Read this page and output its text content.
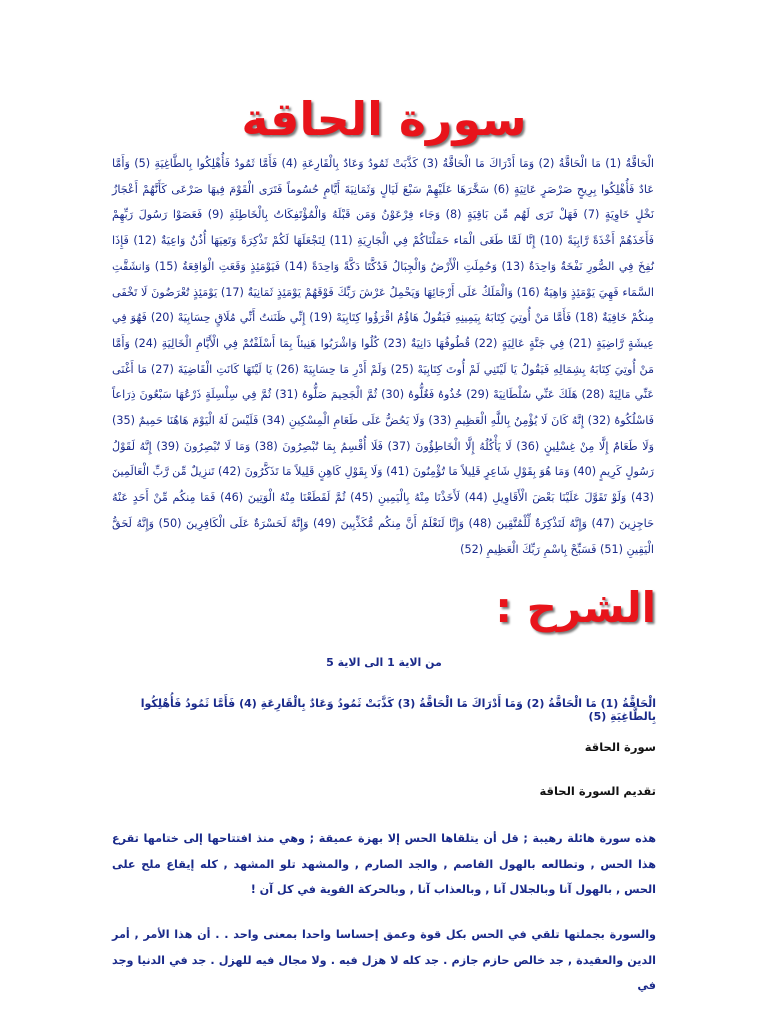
سورة الحاقة

الْحَاقَّةُ (1) مَا الْحَاقَّةُ (2) وَمَا أَدْرَاكَ مَا الْحَاقَّةُ (3) كَذَّبَتْ ثَمُودُ وَعَادٌ بِالْقَارِعَةِ (4) فَأَمَّا ثَمُودُ فَأُهْلِكُوا بِالطَّاغِيَةِ (5) وَأَمَّا عَادٌ فَأُهْلِكُوا بِرِيحٍ صَرْصَرٍ عَاتِيَةٍ (6) سَخَّرَهَا عَلَيْهِمْ سَبْعَ لَيَالٍ وَثَمَانِيَةَ أَيَّامٍ حُسُوماً فَتَرَى الْقَوْمَ فِيهَا صَرْعَى كَأَنَّهُمْ أَعْجَازُ نَخْلٍ خَاوِيَةٍ (7) فَهَلْ تَرَى لَهُم مِّن بَاقِيَةٍ (8) وَجَاء فِرْعَوْنُ وَمَن قَبْلَهُ وَالْمُؤْتَفِكَاتُ بِالْخَاطِئَةِ (9) فَعَصَوْا رَسُولَ رَبِّهِمْ فَأَخَذَهُمْ أَخْذَةً رَّابِيَةً (10) إِنَّا لَمَّا طَغَى الْمَاء حَمَلْنَاكُمْ فِي الْجَارِيَةِ (11) لِنَجْعَلَهَا لَكُمْ تَذْكِرَةً وَتَعِيَهَا أُذُنٌ وَاعِيَةٌ (12) فَإِذَا نُفِخَ فِي الصُّورِ نَفْخَةٌ وَاحِدَةٌ (13) وَحُمِلَتِ الْأَرْضُ وَالْجِبَالُ فَدُكَّتَا دَكَّةً وَاحِدَةً (14) فَيَوْمَئِذٍ وَقَعَتِ الْوَاقِعَةُ (15) وَانشَقَّتِ السَّمَاء فَهِيَ يَوْمَئِذٍ وَاهِيَةٌ (16) وَالْمَلَكُ عَلَى أَرْجَائِهَا وَيَحْمِلُ عَرْشَ رَبِّكَ فَوْقَهُمْ يَوْمَئِذٍ ثَمَانِيَةٌ (17) يَوْمَئِذٍ تُعْرَضُونَ لَا تَخْفَى مِنكُمْ خَافِيَةٌ (18) فَأَمَّا مَنْ أُوتِيَ كِتَابَهُ بِيَمِينِهِ فَيَقُولُ هَاؤُمُ اقْرَؤُوا كِتَابِيَهْ (19) إِنِّي ظَنَنتُ أَنِّي مُلَاقٍ حِسَابِيَهْ (20) فَهُوَ فِي عِيشَةٍ رَّاضِيَةٍ (21) فِي جَنَّةٍ عَالِيَةٍ (22) قُطُوفُهَا دَانِيَةٌ (23) كُلُوا وَاشْرَبُوا هَنِيئاً بِمَا أَسْلَفْتُمْ فِي الْأَيَّامِ الْخَالِيَةِ (24) وَأَمَّا مَنْ أُوتِيَ كِتَابَهُ بِشِمَالِهِ فَيَقُولُ يَا لَيْتَنِي لَمْ أُوتَ كِتَابِيَهْ (25) وَلَمْ أَدْرِ مَا حِسَابِيَهْ (26) يَا لَيْتَهَا كَانَتِ الْقَاضِيَةَ (27) مَا أَغْنَى عَنِّي مَالِيَهْ (28) هَلَكَ عَنِّي سُلْطَانِيَهْ (29) خُذُوهُ فَغُلُّوهُ (30) ثُمَّ الْجَحِيمَ صَلُّوهُ (31) ثُمَّ فِي سِلْسِلَةٍ ذَرْعُهَا سَبْعُونَ ذِرَاعاً فَاسْلُكُوهُ (32) إِنَّهُ كَانَ لَا يُؤْمِنُ بِاللَّهِ الْعَظِيمِ (33) وَلَا يَحُضُّ عَلَى طَعَامِ الْمِسْكِينِ (34) فَلَيْسَ لَهُ الْيَوْمَ هَاهُنَا حَمِيمٌ (35) وَلَا طَعَامٌ إِلَّا مِنْ غِسْلِينٍ (36) لَا يَأْكُلُهُ إِلَّا الْخَاطِؤُونَ (37) فَلَا أُقْسِمُ بِمَا تُبْصِرُونَ (38) وَمَا لَا تُبْصِرُونَ (39) إِنَّهُ لَقَوْلُ رَسُولٍ كَرِيمٍ (40) وَمَا هُوَ بِقَوْلِ شَاعِرٍ قَلِيلاً مَا تُؤْمِنُونَ (41) وَلَا بِقَوْلِ كَاهِنٍ قَلِيلاً مَا تَذَكَّرُونَ (42) تَنزِيلٌ مِّن رَّبِّ الْعَالَمِينَ (43) وَلَوْ تَقَوَّلَ عَلَيْنَا بَعْضَ الْأَقَاوِيلِ (44) لَأَخَذْنَا مِنْهُ بِالْيَمِينِ (45) ثُمَّ لَقَطَعْنَا مِنْهُ الْوَتِينَ (46) فَمَا مِنكُم مِّنْ أَحَدٍ عَنْهُ حَاجِزِينَ (47) وَإِنَّهُ لَتَذْكِرَةٌ لِّلْمُتَّقِينَ (48) وَإِنَّا لَنَعْلَمُ أَنَّ مِنكُم مُّكَذِّبِينَ (49) وَإِنَّهُ لَحَسْرَةٌ عَلَى الْكَافِرِينَ (50) وَإِنَّهُ لَحَقُّ الْيَقِينِ (51) فَسَبِّحْ بِاسْمِ رَبِّكَ الْعَظِيمِ (52)

الشرح :

من الاية 1 الى الاية 5

الْحَاقَّةُ (1) مَا الْحَاقَّةُ (2) وَمَا أَدْرَاكَ مَا الْحَاقَّةُ (3) كَذَّبَتْ ثَمُودُ وَعَادٌ بِالْقَارِعَةِ (4) فَأَمَّا ثَمُودُ فَأُهْلِكُوا بِالطَّاغِيَةِ (5)

سورة الحاقة

تقديم السورة الحاقة

هذه سورة هائلة رهيبة ; قل أن يتلقاها الحس إلا بهزة عميقة ; وهي منذ افتتاحها إلى ختامها تقرع هذا الحس , وتطالعه بالهول القاصم , والجد الصارم , والمشهد تلو المشهد , كله إيقاع ملح على الحس , بالهول آنا وبالجلال آنا , وبالعذاب آنا , وبالحركة القوية في كل آن !

والسورة بجملتها تلقي في الحس بكل قوة وعمق إحساسا واحدا بمعنى واحد . . أن هذا الأمر , أمر الدين والعقيدة , جد خالص حازم جازم . جد كله لا هزل فيه . ولا مجال فيه للهزل . جد في الدنيا وجد في
